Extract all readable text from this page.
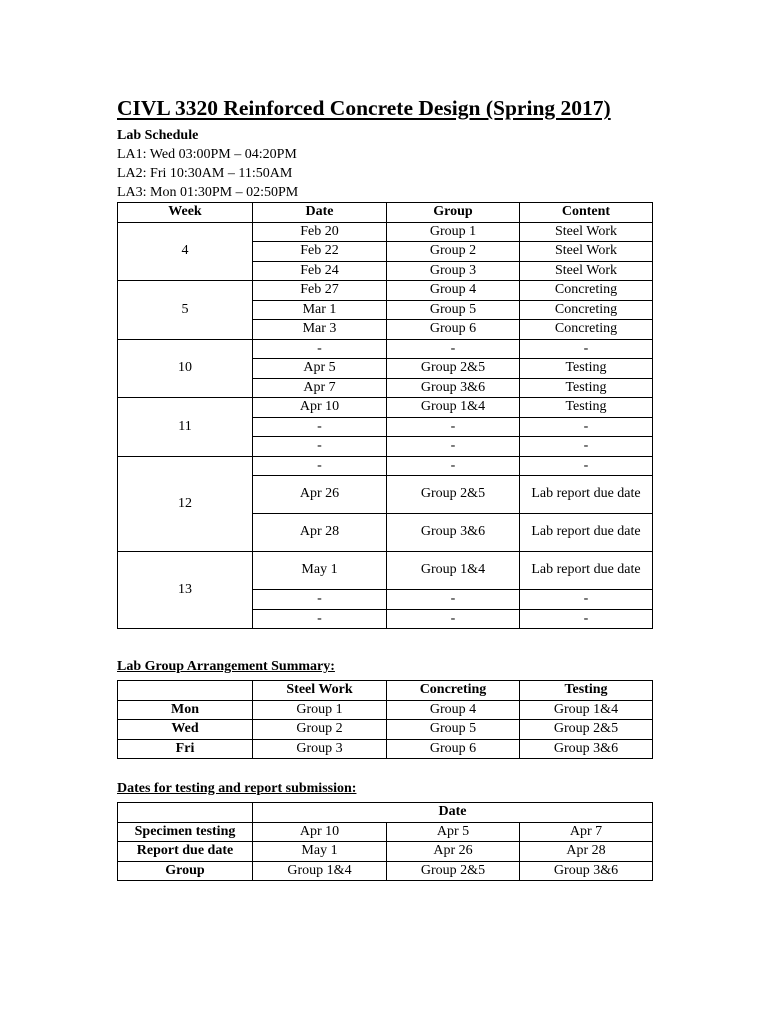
CIVL 3320 Reinforced Concrete Design (Spring 2017)
Lab Schedule
LA1: Wed 03:00PM – 04:20PM
LA2: Fri 10:30AM – 11:50AM
LA3: Mon 01:30PM – 02:50PM
Week	Date	Group	Content
4	Feb 20	Group 1	Steel Work
	Feb 22	Group 2	Steel Work
	Feb 24	Group 3	Steel Work
5	Feb 27	Group 4	Concreting
	Mar 1	Group 5	Concreting
	Mar 3	Group 6	Concreting
10	-	-	-
	Apr 5	Group 2&5	Testing
	Apr 7	Group 3&6	Testing
11	Apr 10	Group 1&4	Testing
	-	-	-
	-	-	-
12	-	-	-
	Apr 26	Group 2&5	Lab report due date
	Apr 28	Group 3&6	Lab report due date
13	May 1	Group 1&4	Lab report due date
	-	-	-
	-	-	-
Lab Group Arrangement Summary:
	Steel Work	Concreting	Testing
Mon	Group 1	Group 4	Group 1&4
Wed	Group 2	Group 5	Group 2&5
Fri	Group 3	Group 6	Group 3&6
Dates for testing and report submission:
	Date		
Specimen testing	Apr 10	Apr 5	Apr 7
Report due date	May 1	Apr 26	Apr 28
Group	Group 1&4	Group 2&5	Group 3&6
